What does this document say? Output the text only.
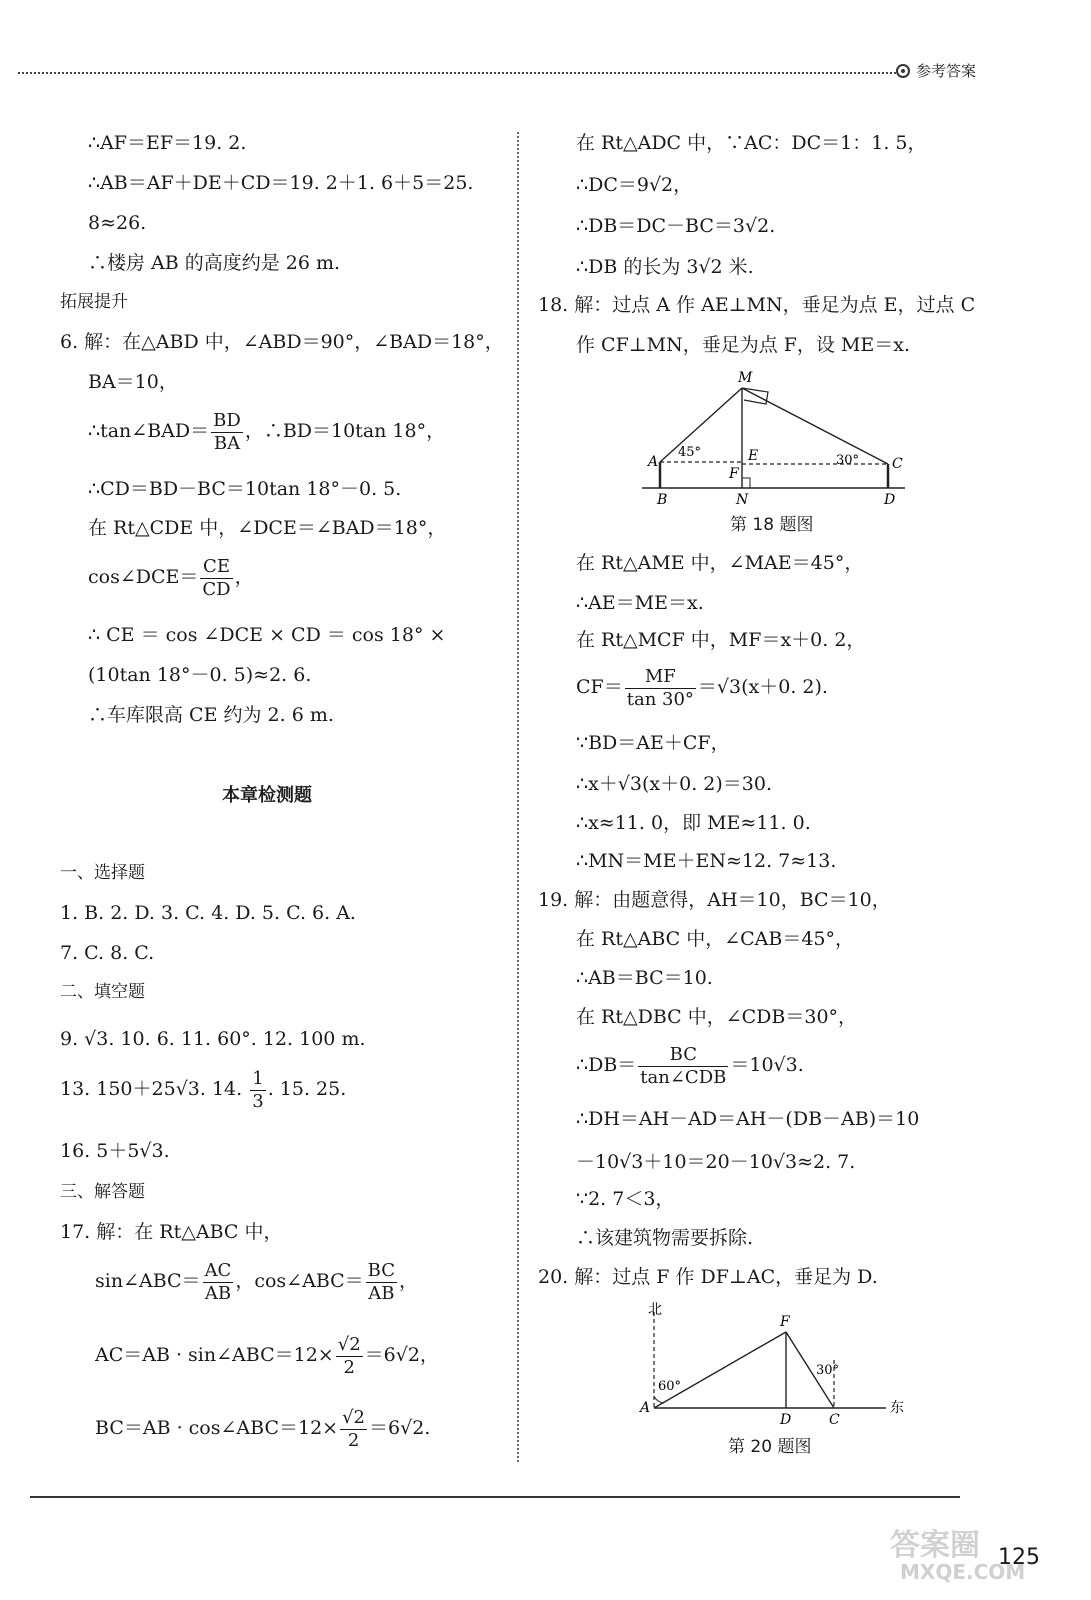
参考答案
∴AF＝EF＝19. 2.
∴AB＝AF＋DE＋CD＝19. 2＋1. 6＋5＝25.
8≈26.
∴楼房 AB 的高度约是 26 m.
拓展提升
6. 解：在△ABD 中，∠ABD＝90°，∠BAD＝18°，
BA＝10，
∴tan∠BAD＝ $\frac{BD}{BA}$ ，∴BD＝10tan 18°，
∴CD＝BD－BC＝10tan 18°－0. 5.
在 Rt△CDE 中，∠DCE＝∠BAD＝18°，
cos∠DCE＝ $\frac{CE}{CD}$ ，
∴ CE ＝ cos ∠DCE × CD ＝ cos 18° ×
(10tan 18°－0. 5)≈2. 6.
∴车库限高 CE 约为 2. 6 m.
本章检测题
一、选择题
1. B. 2. D. 3. C. 4. D. 5. C. 6. A.
7. C. 8. C.
二、填空题
9. √3. 10. 6. 11. 60°. 12. 100 m.
13. 150＋25√3. 14. $\frac{1}{3}$ . 15. 25.
16. 5＋5√3.
三、解答题
17. 解：在 Rt△ABC 中，
sin∠ABC＝ $\frac{AC}{AB}$ ，cos∠ABC＝ $\frac{BC}{AB}$ ，
AC＝AB · sin∠ABC＝12× $\frac{√2}{2} =6√2$，
BC＝AB · cos∠ABC＝12× $\frac{√2}{2} =6√2$.
在 Rt△ADC 中，∵AC：DC＝1：1. 5，
∴DC＝9√2，
∴DB＝DC－BC＝3√2.
∴DB 的长为 3√2 米.
18. 解：过点 A 作 AE⊥MN，垂足为点 E，过点 C
作 CF⊥MN，垂足为点 F，设 ME＝x.
M
A	E	C
F
B	N	D
45°
30°
第 18 题图
在 Rt△AME 中，∠MAE＝45°，
∴AE＝ME＝x.
在 Rt△MCF 中，MF＝x＋0. 2，
$CF= \frac{MF}{\tan 30^\circ} =√3(x+0$. 2).
∵BD＝AE＋CF，
∴x＋√3(x＋0. 2)＝30.
∴x≈11. 0，即 ME≈11. 0.
∴MN＝ME＋EN≈12. 7≈13.
19. 解：由题意得，AH＝10，BC＝10，
在 Rt△ABC 中，∠CAB＝45°，
∴AB＝BC＝10.
在 Rt△DBC 中，∠CDB＝30°，
∴DB＝ $\frac{BC}{\text{tan∠CDB}} =10√3$.
∴DH＝AH－AD＝AH－(DB－AB)＝10
－10√3＋10＝20－10√3≈2. 7.
∵2. 7＜3，
∴该建筑物需要拆除.
20. 解：过点 F 作 DF⊥AC，垂足为 D.
北
东
F
A
D	C
60°
30°
第 20 题图
答案圈
MXQE.COM
125
